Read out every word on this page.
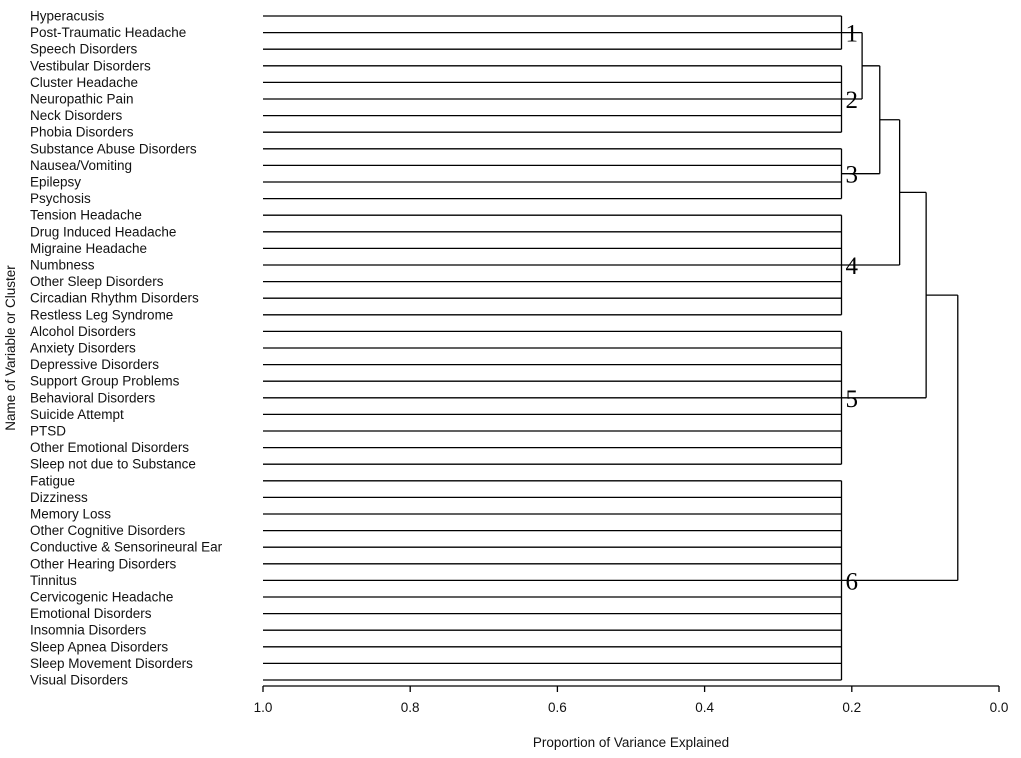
Hyperacusis
Post-Traumatic Headache
Speech Disorders
Vestibular Disorders
Cluster Headache
Neuropathic Pain
Neck Disorders
Phobia Disorders
Substance Abuse Disorders
Nausea/Vomiting
Epilepsy
Psychosis
Tension Headache
Drug Induced Headache
Migraine Headache
Numbness
Other Sleep Disorders
Circadian Rhythm Disorders
Restless Leg Syndrome
Alcohol Disorders
Anxiety Disorders
Depressive Disorders
Support Group Problems
Behavioral Disorders
Suicide Attempt
PTSD
Other Emotional Disorders
Sleep not due to Substance
Fatigue
Dizziness
Memory Loss
Other Cognitive Disorders
Conductive & Sensorineural Ear
Other Hearing Disorders
Tinnitus
Cervicogenic Headache
Emotional Disorders
Insomnia Disorders
Sleep Apnea Disorders
Sleep Movement Disorders
Visual Disorders
1
2
3
4
5
6
1.0	0.8	0.6	0.4	0.2	0.0
Proportion of Variance Explained
Name of Variable or Cluster
